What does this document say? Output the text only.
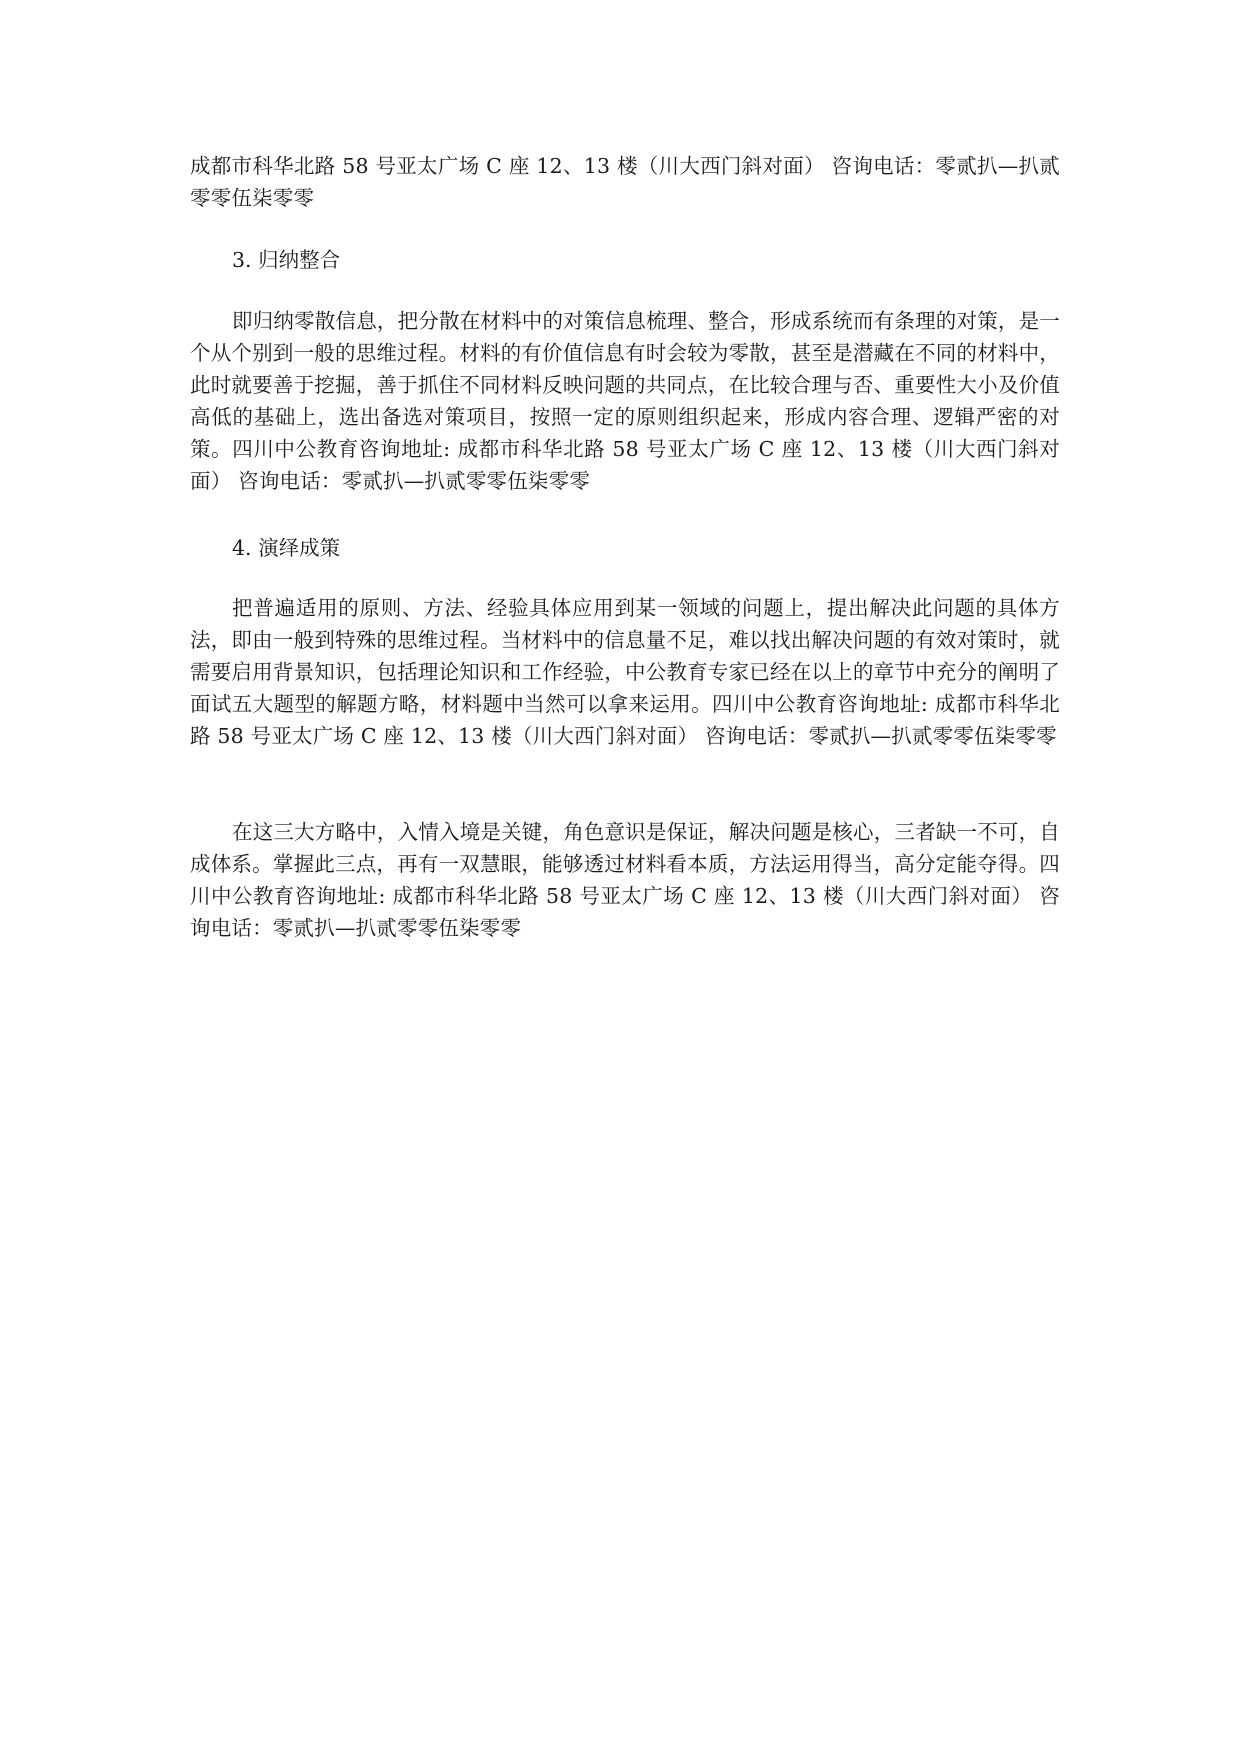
成都市科华北路 58 号亚太广场 C 座 12、13 楼（川大西门斜对面） 咨询电话：零贰扒—扒贰零零伍柒零零

3. 归纳整合

即归纳零散信息，把分散在材料中的对策信息梳理、整合，形成系统而有条理的对策，是一个从个别到一般的思维过程。材料的有价值信息有时会较为零散，甚至是潜藏在不同的材料中，此时就要善于挖掘，善于抓住不同材料反映问题的共同点，在比较合理与否、重要性大小及价值高低的基础上，选出备选对策项目，按照一定的原则组织起来，形成内容合理、逻辑严密的对策。四川中公教育咨询地址: 成都市科华北路 58 号亚太广场 C 座 12、13 楼（川大西门斜对面） 咨询电话：零贰扒—扒贰零零伍柒零零

4. 演绎成策

把普遍适用的原则、方法、经验具体应用到某一领域的问题上，提出解决此问题的具体方法，即由一般到特殊的思维过程。当材料中的信息量不足，难以找出解决问题的有效对策时，就需要启用背景知识，包括理论知识和工作经验，中公教育专家已经在以上的章节中充分的阐明了面试五大题型的解题方略，材料题中当然可以拿来运用。四川中公教育咨询地址: 成都市科华北路 58 号亚太广场 C 座 12、13 楼（川大西门斜对面） 咨询电话：零贰扒—扒贰零零伍柒零零

在这三大方略中，入情入境是关键，角色意识是保证，解决问题是核心，三者缺一不可，自成体系。掌握此三点，再有一双慧眼，能够透过材料看本质，方法运用得当，高分定能夺得。四川中公教育咨询地址: 成都市科华北路 58 号亚太广场 C 座 12、13 楼（川大西门斜对面） 咨询电话：零贰扒—扒贰零零伍柒零零
